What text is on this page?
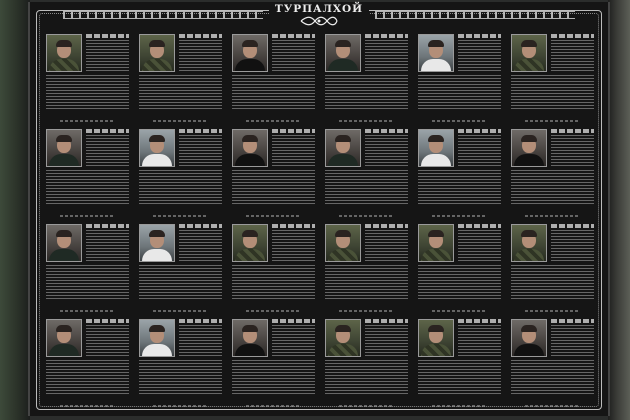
ТУРПАЛХОЙ
